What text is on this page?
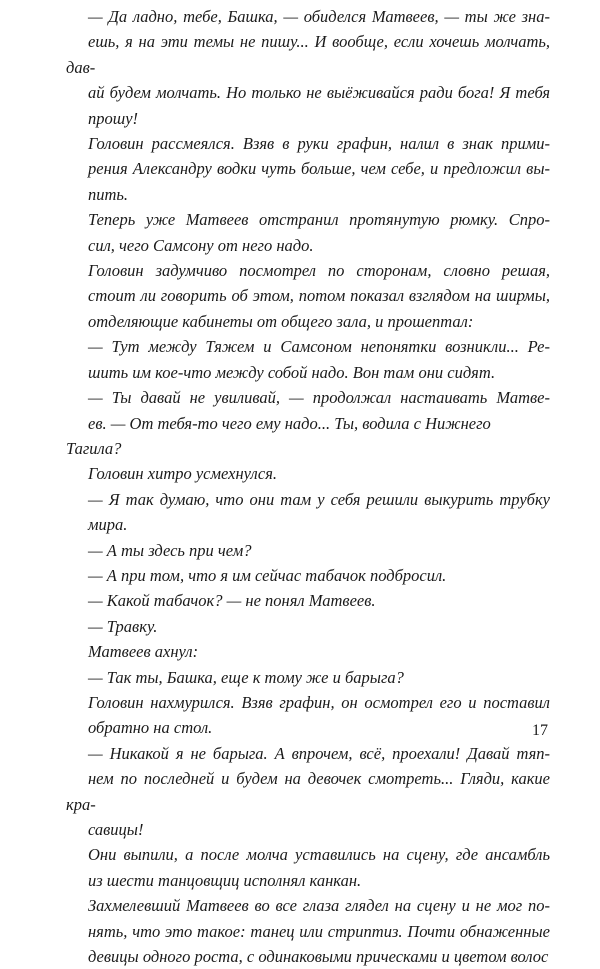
— Да ладно, тебе, Башка, — обиделся Матвеев, — ты же зна-
ешь, я на эти темы не пишу... И вообще, если хочешь молчать, дав-
ай будем молчать. Но только не выёживайся ради бога! Я тебя
прошу!

Головин рассмеялся. Взяв в руки графин, налил в знак прими-
рения Александру водки чуть больше, чем себе, и предложил вы-
пить.

Теперь уже Матвеев отстранил протянутую рюмку. Спро-
сил, чего Самсону от него надо.

Головин задумчиво посмотрел по сторонам, словно решая,
стоит ли говорить об этом, потом показал взглядом на ширмы,
отделяющие кабинеты от общего зала, и прошептал:

— Тут между Тяжем и Самсоном непонятки возникли... Ре-
шить им кое-что между собой надо. Вон там они сидят.

— Ты давай не увиливай, — продолжал настаивать Матве-
ев. — От тебя-то чего ему надо... Ты, водила с Нижнего Тагила?

Головин хитро усмехнулся.

— Я так думаю, что они там у себя решили выкурить трубку
мира.

— А ты здесь при чем?

— А при том, что я им сейчас табачок подбросил.

— Какой табачок? — не понял Матвеев.

— Травку.

Матвеев ахнул:

— Так ты, Башка, еще к тому же и барыга?

Головин нахмурился. Взяв графин, он осмотрел его и поставил
обратно на стол.

— Никакой я не барыга. А впрочем, всё, проехали! Давай тяп-
нем по последней и будем на девочек смотреть... Гляди, какие кра-
савицы!

Они выпили, а после молча уставились на сцену, где ансамбль
из шести танцовщиц исполнял канкан.

Захмелевший Матвеев во все глаза глядел на сцену и не мог по-
нять, что это такое: танец или стриптиз. Почти обнаженные
девицы одного роста, с одинаковыми прическами и цветом волос

17
